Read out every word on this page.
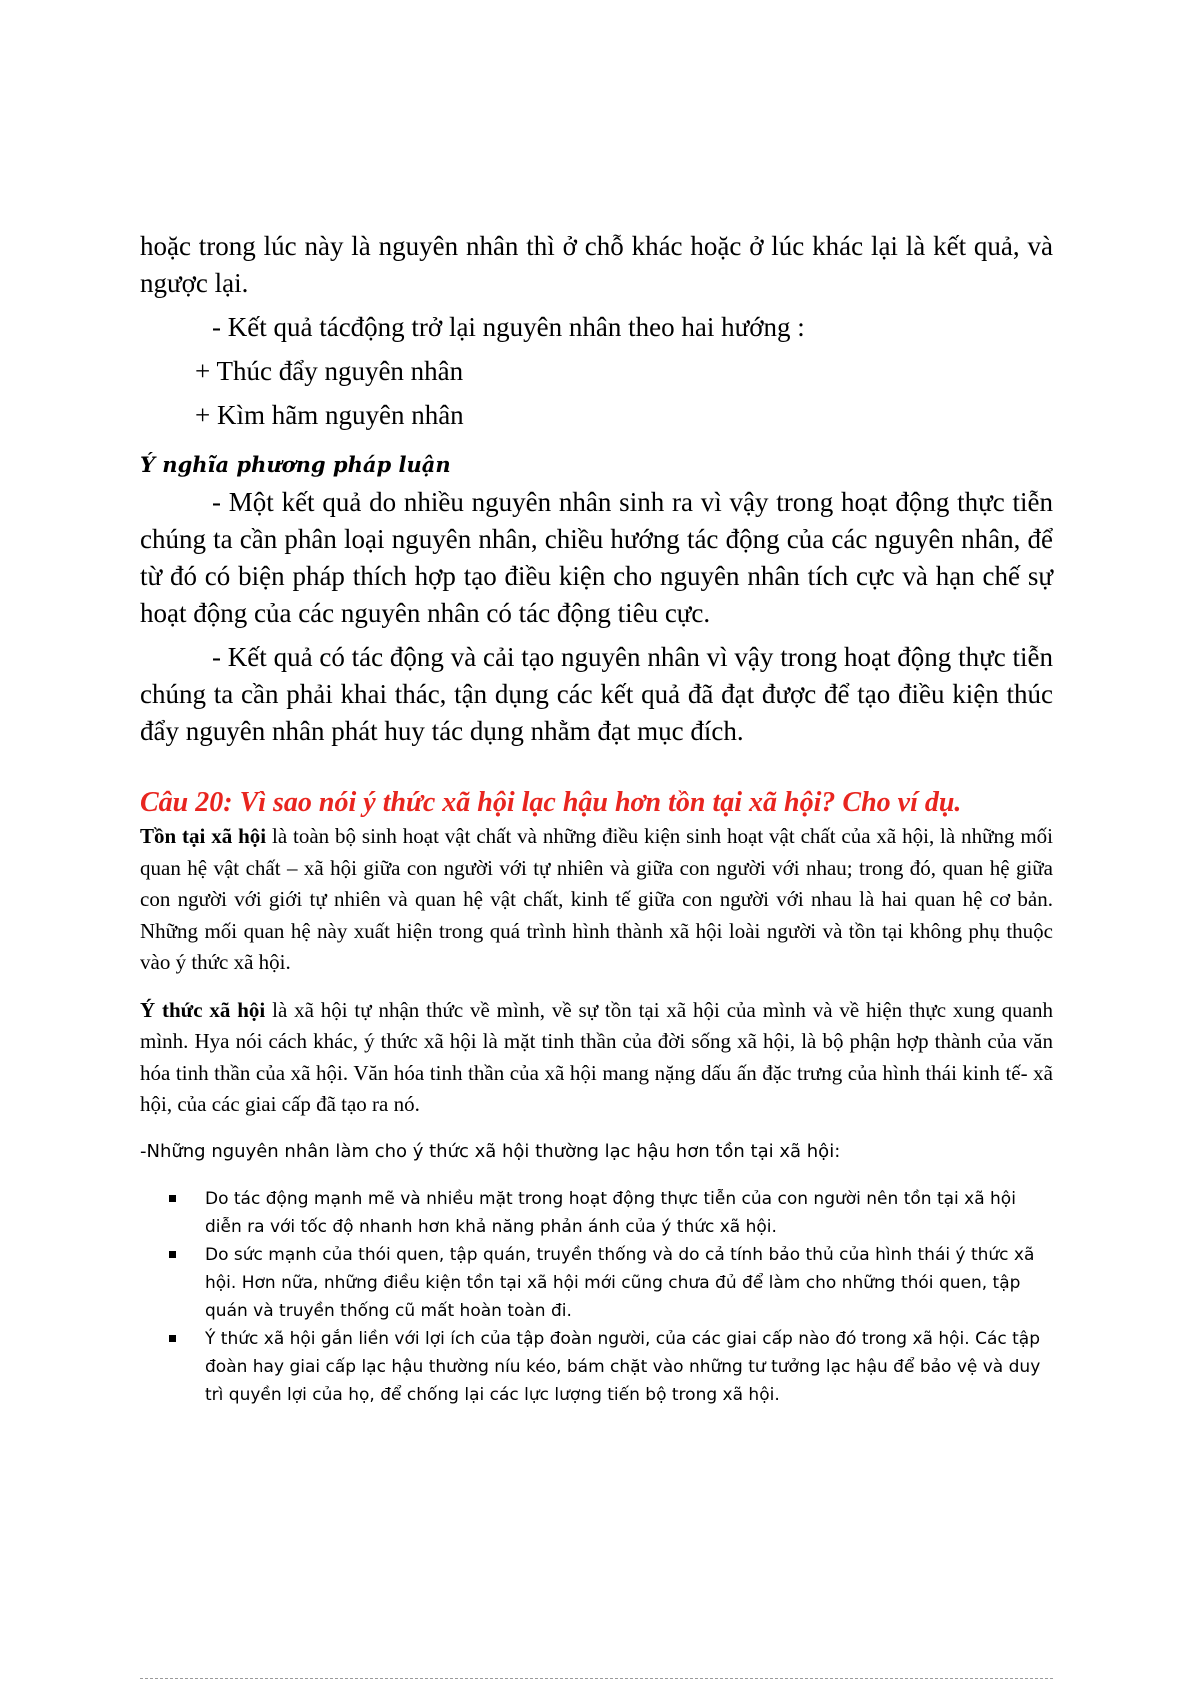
hoặc trong lúc này là nguyên nhân thì ở chỗ khác hoặc ở lúc khác lại là kết quả, và ngược lại.

- Kết quả tácđộng trở lại nguyên nhân theo hai hướng :

+ Thúc đẩy nguyên nhân

+ Kìm hãm nguyên nhân

Ý nghĩa phương pháp luận

- Một kết quả do nhiều nguyên nhân sinh ra vì vậy trong hoạt động thực tiễn chúng ta cần phân loại nguyên nhân, chiều hướng tác động của các nguyên nhân, để từ đó có biện pháp thích hợp tạo điều kiện cho nguyên nhân tích cực và hạn chế sự hoạt động của các nguyên nhân có tác động tiêu cực.

- Kết quả có tác động và cải tạo nguyên nhân vì vậy trong hoạt động thực tiễn chúng ta cần phải khai thác, tận dụng các kết quả đã đạt được để tạo điều kiện thúc đẩy nguyên nhân phát huy tác dụng nhằm đạt mục đích.

Câu 20: Vì sao nói ý thức xã hội lạc hậu hơn tồn tại xã hội? Cho ví dụ.

Tồn tại xã hội là toàn bộ sinh hoạt vật chất và những điều kiện sinh hoạt vật chất của xã hội, là những mối quan hệ vật chất – xã hội giữa con người với tự nhiên và giữa con người với nhau; trong đó, quan hệ giữa con người với giới tự nhiên và quan hệ vật chất, kinh tế giữa con người với nhau là hai quan hệ cơ bản. Những mối quan hệ này xuất hiện trong quá trình hình thành xã hội loài người và tồn tại không phụ thuộc vào ý thức xã hội.

Ý thức xã hội là xã hội tự nhận thức về mình, về sự tồn tại xã hội của mình và về hiện thực xung quanh mình. Hya nói cách khác, ý thức xã hội là mặt tinh thần của đời sống xã hội, là bộ phận hợp thành của văn hóa tinh thần của xã hội. Văn hóa tinh thần của xã hội mang nặng dấu ấn đặc trưng của hình thái kinh tế- xã hội, của các giai cấp đã tạo ra nó.

-Những nguyên nhân làm cho ý thức xã hội thường lạc hậu hơn tồn tại xã hội:

Do tác động mạnh mẽ và nhiều mặt trong hoạt động thực tiễn của con người nên tồn tại xã hội diễn ra với tốc độ nhanh hơn khả năng phản ánh của ý thức xã hội.
Do sức mạnh của thói quen, tập quán, truyền thống và do cả tính bảo thủ của hình thái ý thức xã hội. Hơn nữa, những điều kiện tồn tại xã hội mới cũng chưa đủ để làm cho những thói quen, tập quán và truyền thống cũ mất hoàn toàn đi.
Ý thức xã hội gắn liền với lợi ích của tập đoàn người, của các giai cấp nào đó trong xã hội. Các tập đoàn hay giai cấp lạc hậu thường níu kéo, bám chặt vào những tư tưởng lạc hậu để bảo vệ và duy trì quyền lợi của họ, để chống lại các lực lượng tiến bộ trong xã hội.
